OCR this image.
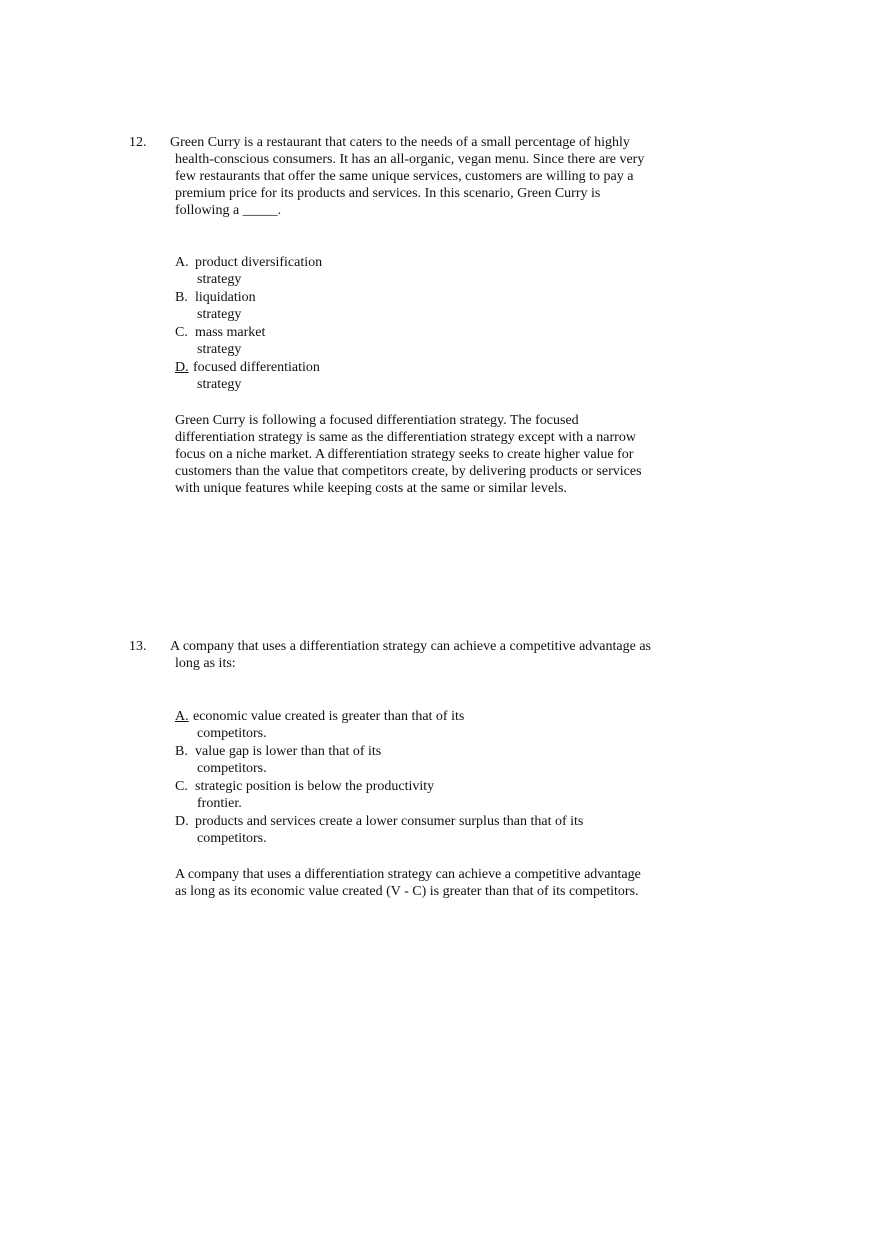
12. Green Curry is a restaurant that caters to the needs of a small percentage of highly health-conscious consumers. It has an all-organic, vegan menu. Since there are very few restaurants that offer the same unique services, customers are willing to pay a premium price for its products and services. In this scenario, Green Curry is following a _____.

A. product diversification
strategy
B. liquidation
strategy
C. mass market
strategy
D. focused differentiation
strategy

Green Curry is following a focused differentiation strategy. The focused differentiation strategy is same as the differentiation strategy except with a narrow focus on a niche market. A differentiation strategy seeks to create higher value for customers than the value that competitors create, by delivering products or services with unique features while keeping costs at the same or similar levels.

13. A company that uses a differentiation strategy can achieve a competitive advantage as long as its:

A. economic value created is greater than that of its
competitors.
B. value gap is lower than that of its
competitors.
C. strategic position is below the productivity
frontier.
D. products and services create a lower consumer surplus than that of its
competitors.

A company that uses a differentiation strategy can achieve a competitive advantage as long as its economic value created (V - C) is greater than that of its competitors.
